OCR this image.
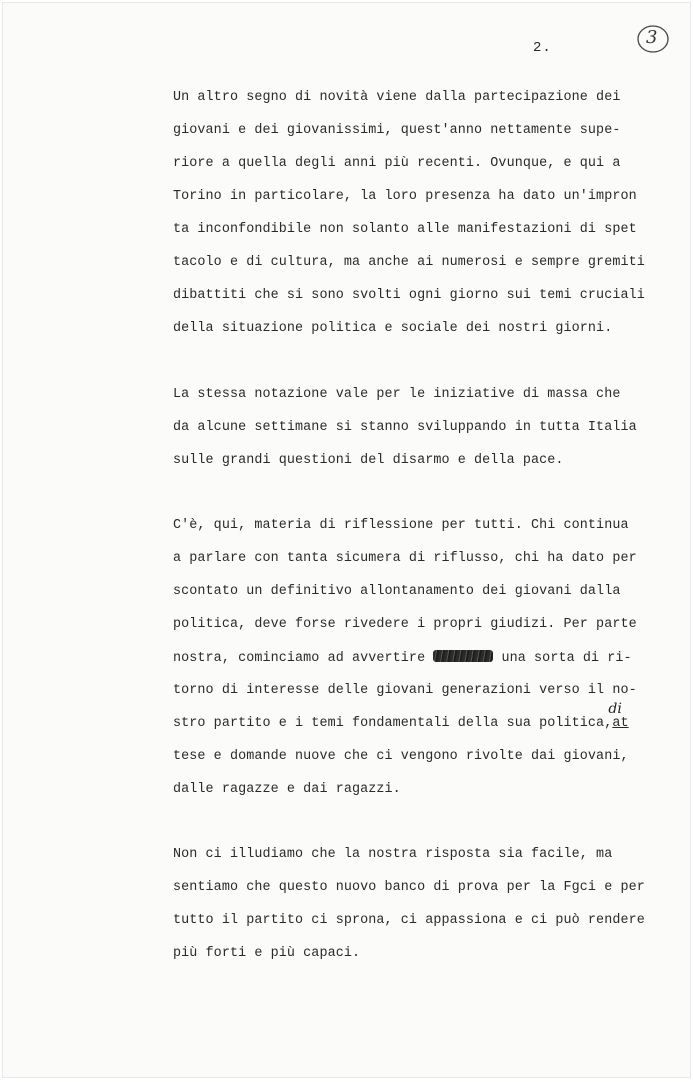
2.	3
Un altro segno di novità viene dalla partecipazione dei
giovani e dei giovanissimi, quest'anno nettamente supe-
riore a quella degli anni più recenti. Ovunque, e qui a
Torino in particolare, la loro presenza ha dato un'impron
ta inconfondibile non solanto alle manifestazioni di spet
tacolo e di cultura, ma anche ai numerosi e sempre gremiti
dibattiti che si sono svolti ogni giorno sui temi cruciali
della situazione politica e sociale dei nostri giorni.
La stessa notazione vale per le iniziative di massa che
da alcune settimane si stanno sviluppando in tutta Italia
sulle grandi questioni del disarmo e della pace.
C'è, qui, materia di riflessione per tutti. Chi continua
a parlare con tanta sicumera di riflusso, chi ha dato per
scontato un definitivo allontanamento dei giovani dalla
politica, deve forse rivedere i propri giudizi. Per parte
nostra, cominciamo ad avvertire	una sorta di ri-
torno di interesse delle giovani generazioni verso il no-
stro partito e i temi fondamentali della sua politica,
di
at
tese e domande nuove che ci vengono rivolte dai giovani,
dalle ragazze e dai ragazzi.
Non ci illudiamo che la nostra risposta sia facile, ma
sentiamo che questo nuovo banco di prova per la Fgci e per
tutto il partito ci sprona, ci appassiona e ci può rendere
più forti e più capaci.
